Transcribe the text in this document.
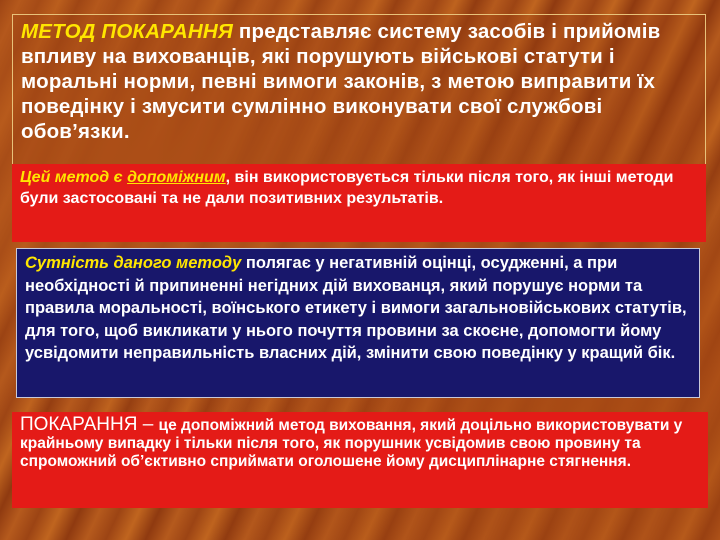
МЕТОД ПОКАРАННЯ представляє систему засобів і прийомів впливу на вихованців, які порушують військові статути і моральні норми, певні вимоги законів, з метою виправити їх поведінку і змусити сумлінно виконувати свої службові обов’язки.

Цей метод є допоміжним, він використовується тільки після того, як інші методи були застосовані та не дали позитивних результатів.

Сутність даного методу полягає у негативній оцінці, осудженні, а при необхідності й припиненні негідних дій вихованця, який порушує норми та правила моральності, воїнського етикету і вимоги загальновійськових статутів, для того, щоб викликати у нього почуття провини за скоєне, допомогти йому усвідомити неправильність власних дій, змінити свою поведінку у кращий бік.

ПОКАРАННЯ – це допоміжний метод виховання, який доцільно використовувати у крайньому випадку і тільки після того, як порушник усвідомив свою провину та спроможний об’єктивно сприймати оголошене йому дисциплінарне стягнення.
